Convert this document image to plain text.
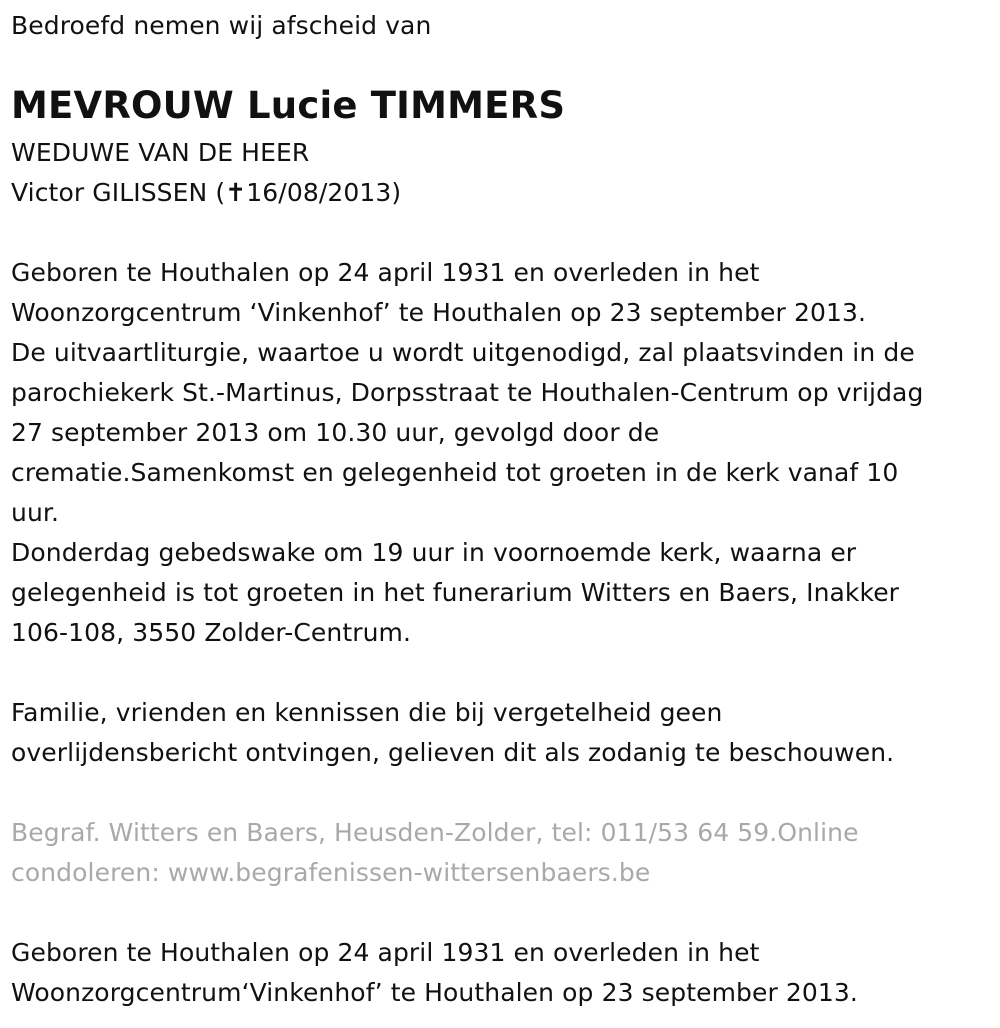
Bedroefd nemen wij afscheid van
MEVROUW Lucie TIMMERS
WEDUWE VAN DE HEER
Victor GILISSEN (✝16/08/2013)
Geboren te Houthalen op 24 april 1931 en overleden in het
Woonzorgcentrum ‘Vinkenhof’ te Houthalen op 23 september 2013.
De uitvaartliturgie, waartoe u wordt uitgenodigd, zal plaatsvinden in de
parochiekerk St.-Martinus, Dorpsstraat te Houthalen-Centrum op vrijdag
27 september 2013 om 10.30 uur, gevolgd door de
crematie.Samenkomst en gelegenheid tot groeten in de kerk vanaf 10
uur.
Donderdag gebedswake om 19 uur in voornoemde kerk, waarna er
gelegenheid is tot groeten in het funerarium Witters en Baers, Inakker
106-108, 3550 Zolder-Centrum.
Familie, vrienden en kennissen die bij vergetelheid geen
overlijdensbericht ontvingen, gelieven dit als zodanig te beschouwen.
Begraf. Witters en Baers, Heusden-Zolder, tel: 011/53 64 59.Online
condoleren: www.begrafenissen-wittersenbaers.be
Geboren te Houthalen op 24 april 1931 en overleden in het
Woonzorgcentrum‘Vinkenhof’ te Houthalen op 23 september 2013.
